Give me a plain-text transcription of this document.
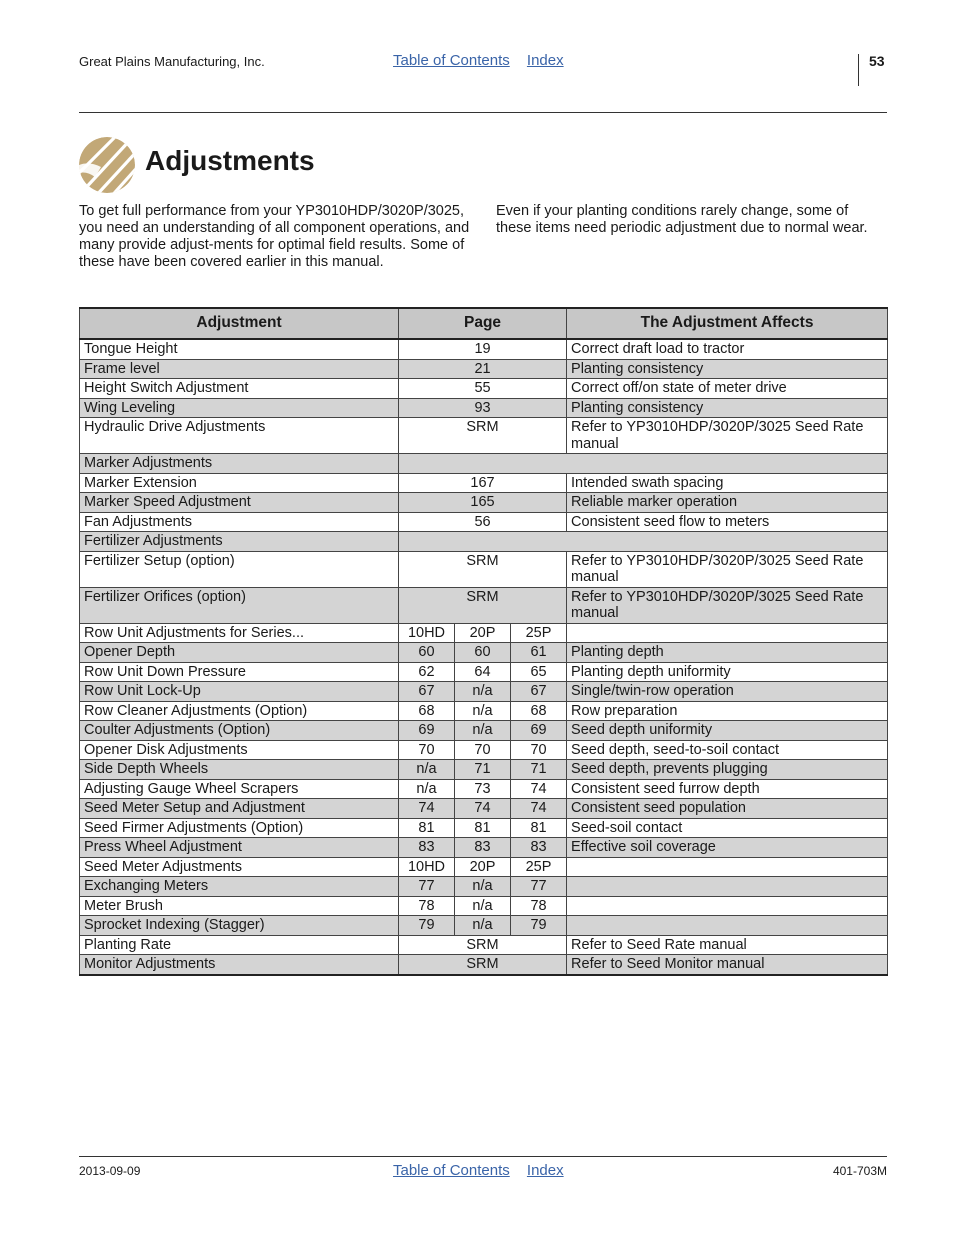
Great Plains Manufacturing, Inc.	Table of Contents Index	53
Adjustments

To get full performance from your YP3010HDP/3020P/3025, you need an understanding of all component operations, and many provide adjust-ments for optimal field results. Some of these have been covered earlier in this manual.

Even if your planting conditions rarely change, some of these items need periodic adjustment due to normal wear.

Adjustment	Page			The Adjustment Affects
Tongue Height	19			Correct draft load to tractor
Frame level	21			Planting consistency
Height Switch Adjustment	55			Correct off/on state of meter drive
Wing Leveling	93			Planting consistency
Hydraulic Drive Adjustments	SRM			Refer to YP3010HDP/3020P/3025 Seed Rate manual
Marker Adjustments				
Marker Extension	167			Intended swath spacing
Marker Speed Adjustment	165			Reliable marker operation
Fan Adjustments	56			Consistent seed flow to meters
Fertilizer Adjustments				
Fertilizer Setup (option)	SRM			Refer to YP3010HDP/3020P/3025 Seed Rate manual
Fertilizer Orifices (option)	SRM			Refer to YP3010HDP/3020P/3025 Seed Rate manual
Row Unit Adjustments for Series...	10HD	20P	25P	
Opener Depth	60	60	61	Planting depth
Row Unit Down Pressure	62	64	65	Planting depth uniformity
Row Unit Lock-Up	67	n/a	67	Single/twin-row operation
Row Cleaner Adjustments (Option)	68	n/a	68	Row preparation
Coulter Adjustments (Option)	69	n/a	69	Seed depth uniformity
Opener Disk Adjustments	70	70	70	Seed depth, seed-to-soil contact
Side Depth Wheels	n/a	71	71	Seed depth, prevents plugging
Adjusting Gauge Wheel Scrapers	n/a	73	74	Consistent seed furrow depth
Seed Meter Setup and Adjustment	74	74	74	Consistent seed population
Seed Firmer Adjustments (Option)	81	81	81	Seed-soil contact
Press Wheel Adjustment	83	83	83	Effective soil coverage
Seed Meter Adjustments	10HD	20P	25P	
Exchanging Meters	77	n/a	77	
Meter Brush	78	n/a	78	
Sprocket Indexing (Stagger)	79	n/a	79	
Planting Rate	SRM			Refer to Seed Rate manual
Monitor Adjustments	SRM			Refer to Seed Monitor manual
2013-09-09	Table of Contents Index	401-703M
